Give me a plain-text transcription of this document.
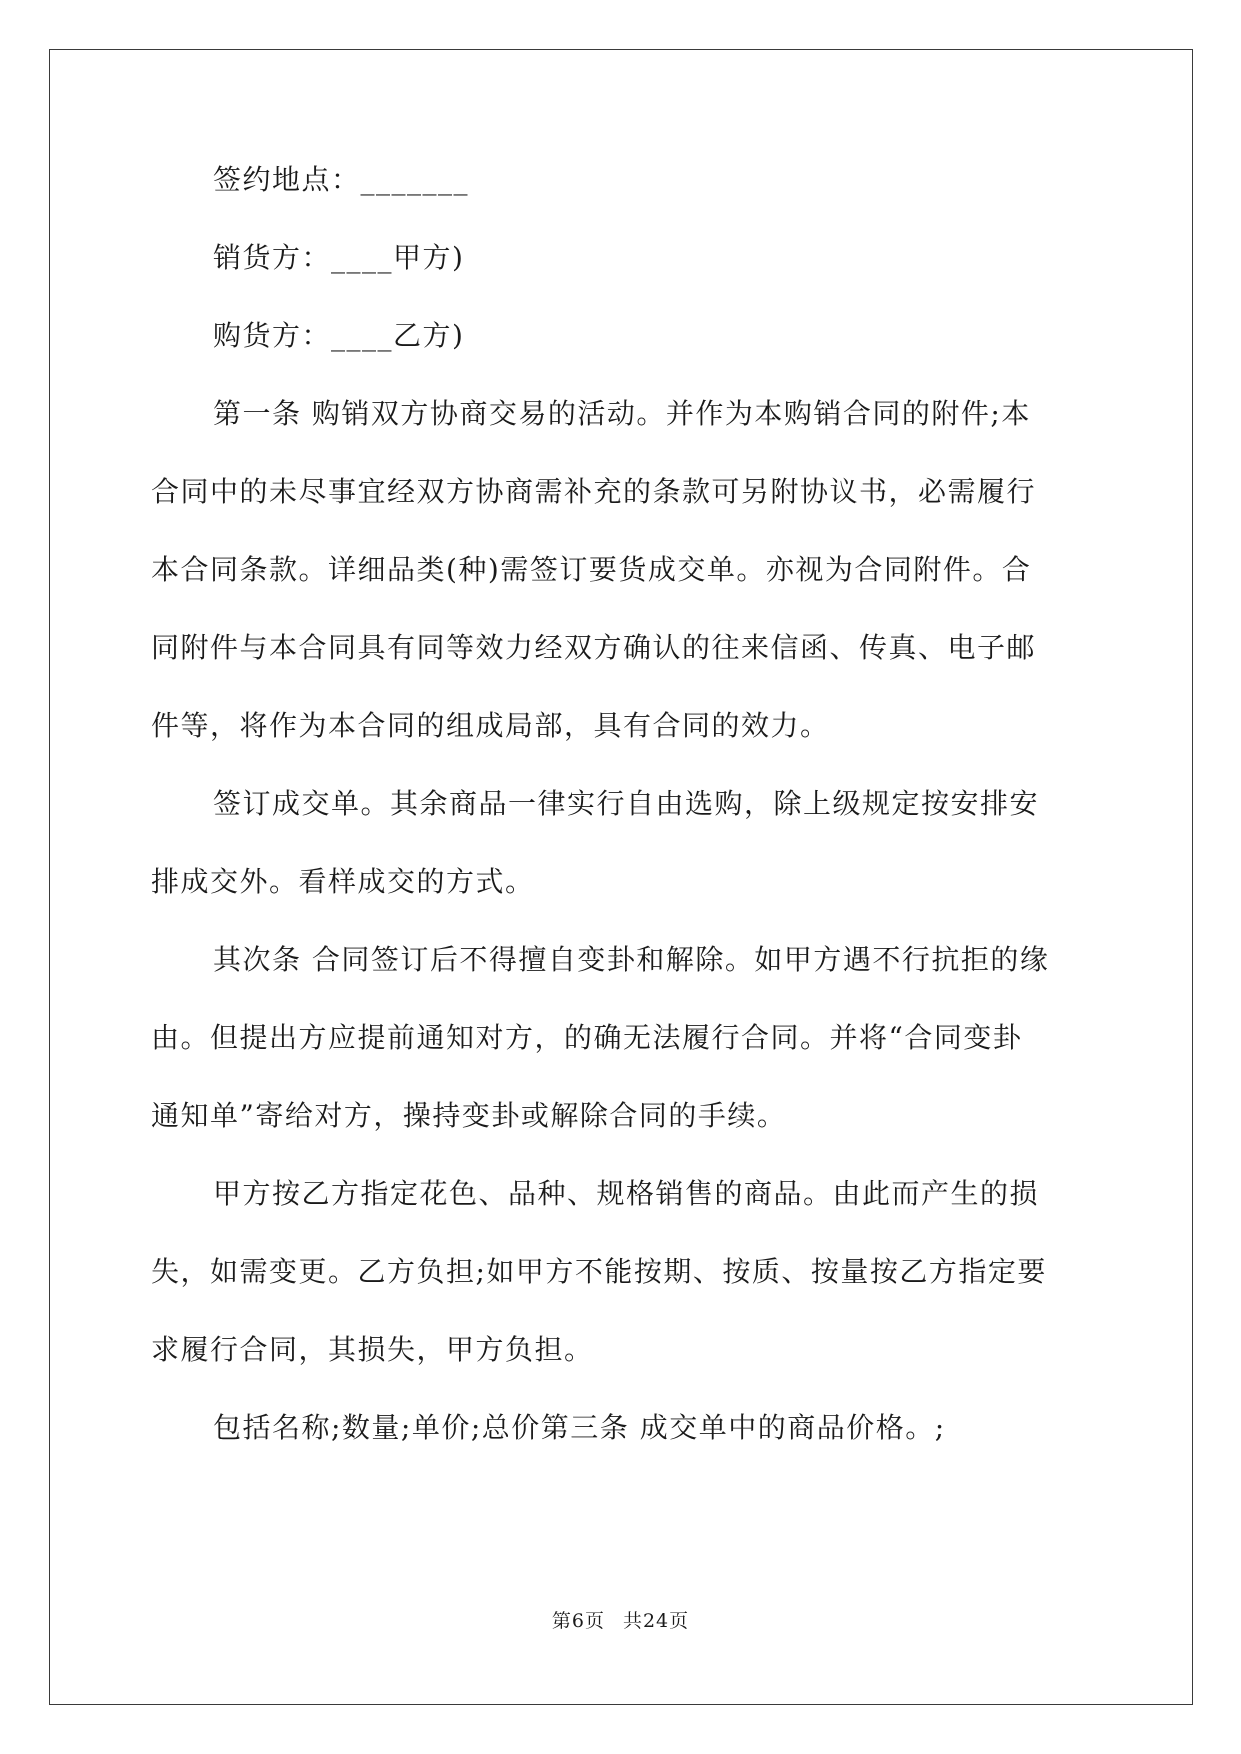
签约地点：_______

销货方：____甲方)

购货方：____乙方)

第一条 购销双方协商交易的活动。并作为本购销合同的附件;本

合同中的未尽事宜经双方协商需补充的条款可另附协议书，必需履行

本合同条款。详细品类(种)需签订要货成交单。亦视为合同附件。合

同附件与本合同具有同等效力经双方确认的往来信函、传真、电子邮

件等，将作为本合同的组成局部，具有合同的效力。

签订成交单。其余商品一律实行自由选购，除上级规定按安排安

排成交外。看样成交的方式。

其次条 合同签订后不得擅自变卦和解除。如甲方遇不行抗拒的缘

由。但提出方应提前通知对方，的确无法履行合同。并将“合同变卦

通知单”寄给对方，操持变卦或解除合同的手续。

甲方按乙方指定花色、品种、规格销售的商品。由此而产生的损

失，如需变更。乙方负担;如甲方不能按期、按质、按量按乙方指定要

求履行合同，其损失，甲方负担。

包括名称;数量;单价;总价第三条 成交单中的商品价格。;

第6页 共24页
